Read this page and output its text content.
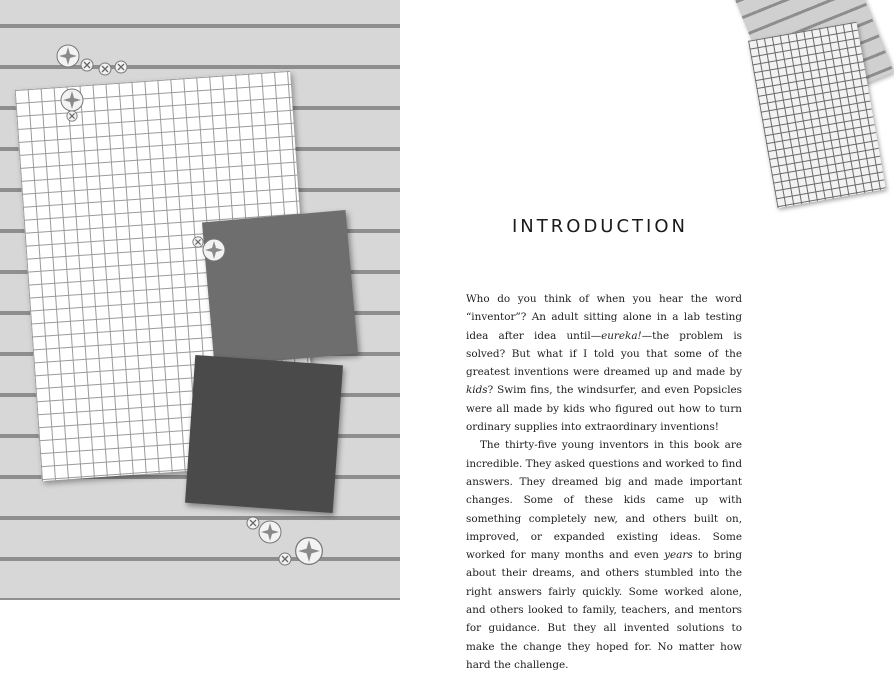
INTRODUCTION

Who do you think of when you hear the word “inventor”? An adult sitting alone in a lab testing idea after idea until—eureka!—the problem is solved? But what if I told you that some of the greatest inventions were dreamed up and made by kids? Swim fins, the windsurfer, and even Popsicles were all made by kids who figured out how to turn ordinary supplies into extraordinary inventions!

The thirty-five young inventors in this book are incredible. They asked questions and worked to find answers. They dreamed big and made important changes. Some of these kids came up with something completely new, and others built on, improved, or expanded existing ideas. Some worked for many months and even years to bring about their dreams, and others stumbled into the right answers fairly quickly. Some worked alone, and others looked to family, teachers, and mentors for guidance. But they all invented solutions to make the change they hoped for. No matter how hard the challenge.
